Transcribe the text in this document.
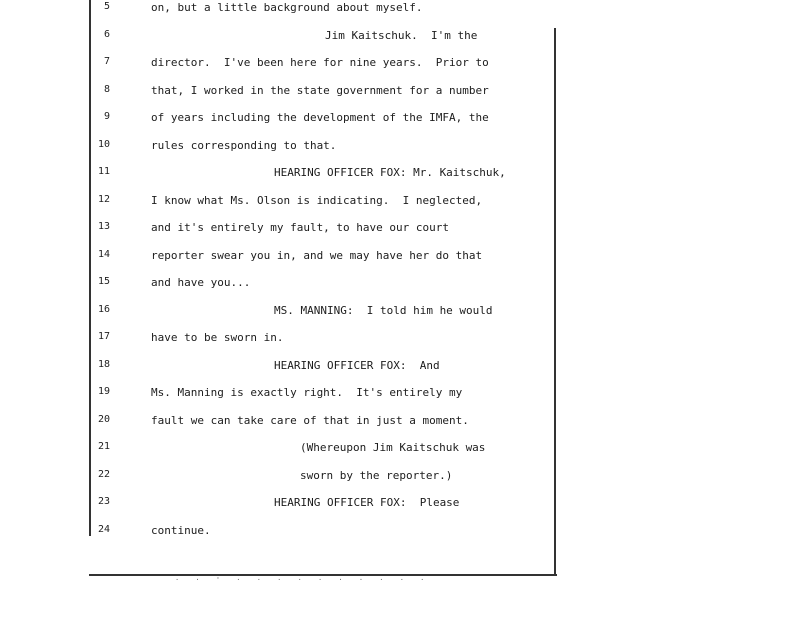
· · ' · · · · · · · · · ·
5	on, but a little background about myself.
6	Jim Kaitschuk.  I'm the
7	director.  I've been here for nine years.  Prior to
8	that, I worked in the state government for a number
9	of years including the development of the IMFA, the
10	rules corresponding to that.
11	HEARING OFFICER FOX: Mr. Kaitschuk,
12	I know what Ms. Olson is indicating.  I neglected,
13	and it's entirely my fault, to have our court
14	reporter swear you in, and we may have her do that
15	and have you...
16	MS. MANNING:  I told him he would
17	have to be sworn in.
18	HEARING OFFICER FOX:  And
19	Ms. Manning is exactly right.  It's entirely my
20	fault we can take care of that in just a moment.
21	(Whereupon Jim Kaitschuk was
22	sworn by the reporter.)
23	HEARING OFFICER FOX:  Please
24	continue.
